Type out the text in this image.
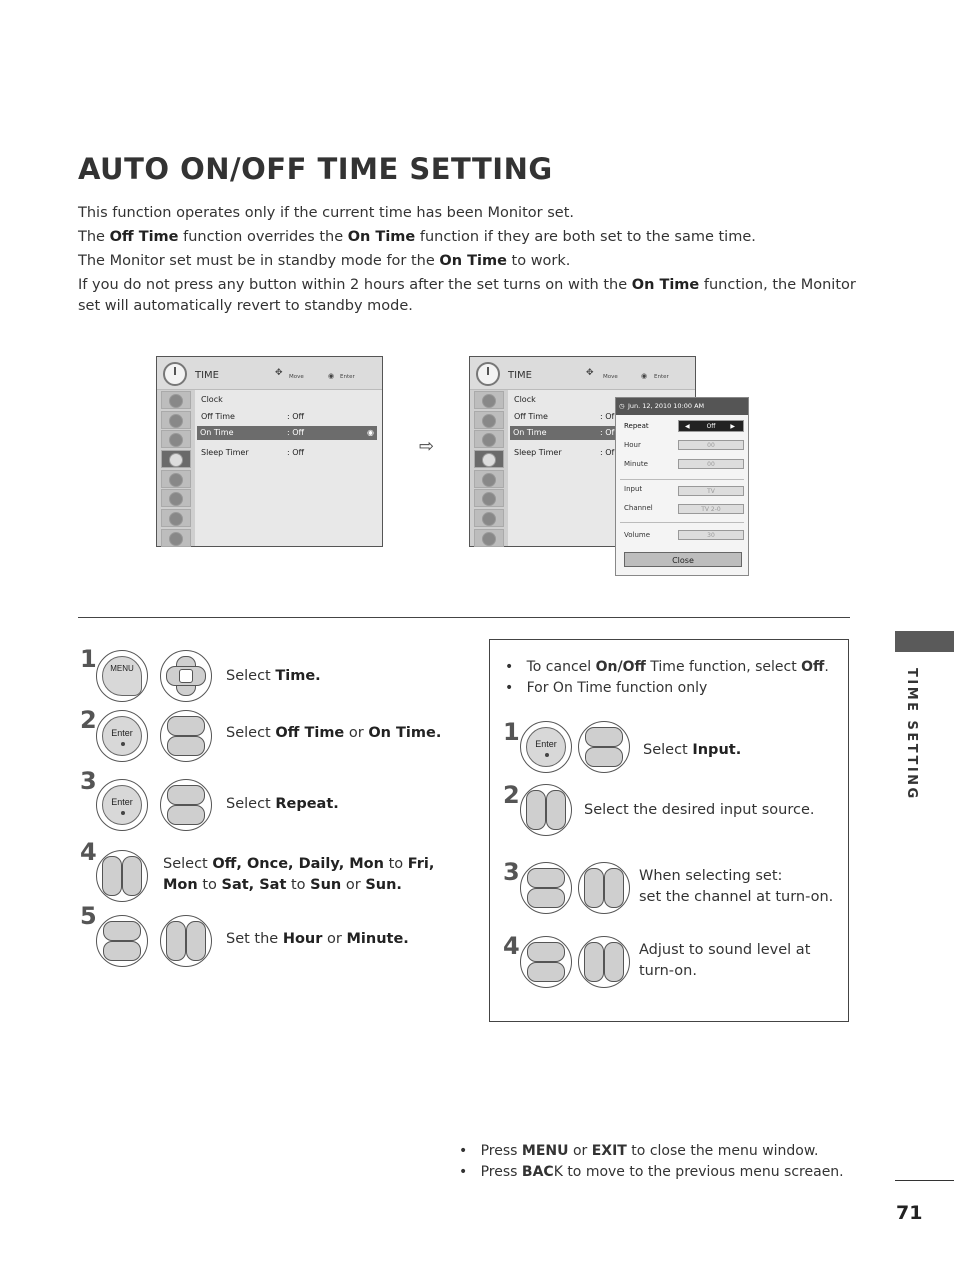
AUTO ON/OFF TIME SETTING
This function operates only if the current time has been Monitor set.
The Off Time function overrides the On Time function if they are both set to the same time.
The Monitor set must be in standby mode for the On Time to work.
If you do not press any button within 2 hours after the set turns on with the On Time function, the Monitor set will automatically revert to standby mode.
TIME	✥ Move	◉ Enter
Clock
Off Time	: Off
On Time	: Off	◉
Sleep Timer	: Off	⇨
TIME	✥ Move	◉ Enter
Clock
Off Time	: Of
On Time	: Of
Sleep Timer	: Of
◷ Jun. 12, 2010 10:00 AM
Repeat	◀	Off ▶
Hour	00
Minute	00
Input	TV
Channel	TV 2-0
Volume	30
Close
1	MENU	Select Time.
2	Enter	Select Off Time or On Time.
3
Enter	Select Repeat.
4	Select Off, Once, Daily, Mon to Fri,
Mon to Sat, Sat to Sun or Sun.
5
Set the Hour or Minute.
•   To cancel On/Off Time function, select Off.
•   For On Time function only
1	Enter	Select Input.
2
Select the desired input source.
3	When selecting set:
set the channel at turn-on.
4	Adjust to sound level at
turn-on.
•   Press MENU or EXIT to close the menu window.
•   Press BACK to move to the previous menu screaen.
TIME SETTING
71
